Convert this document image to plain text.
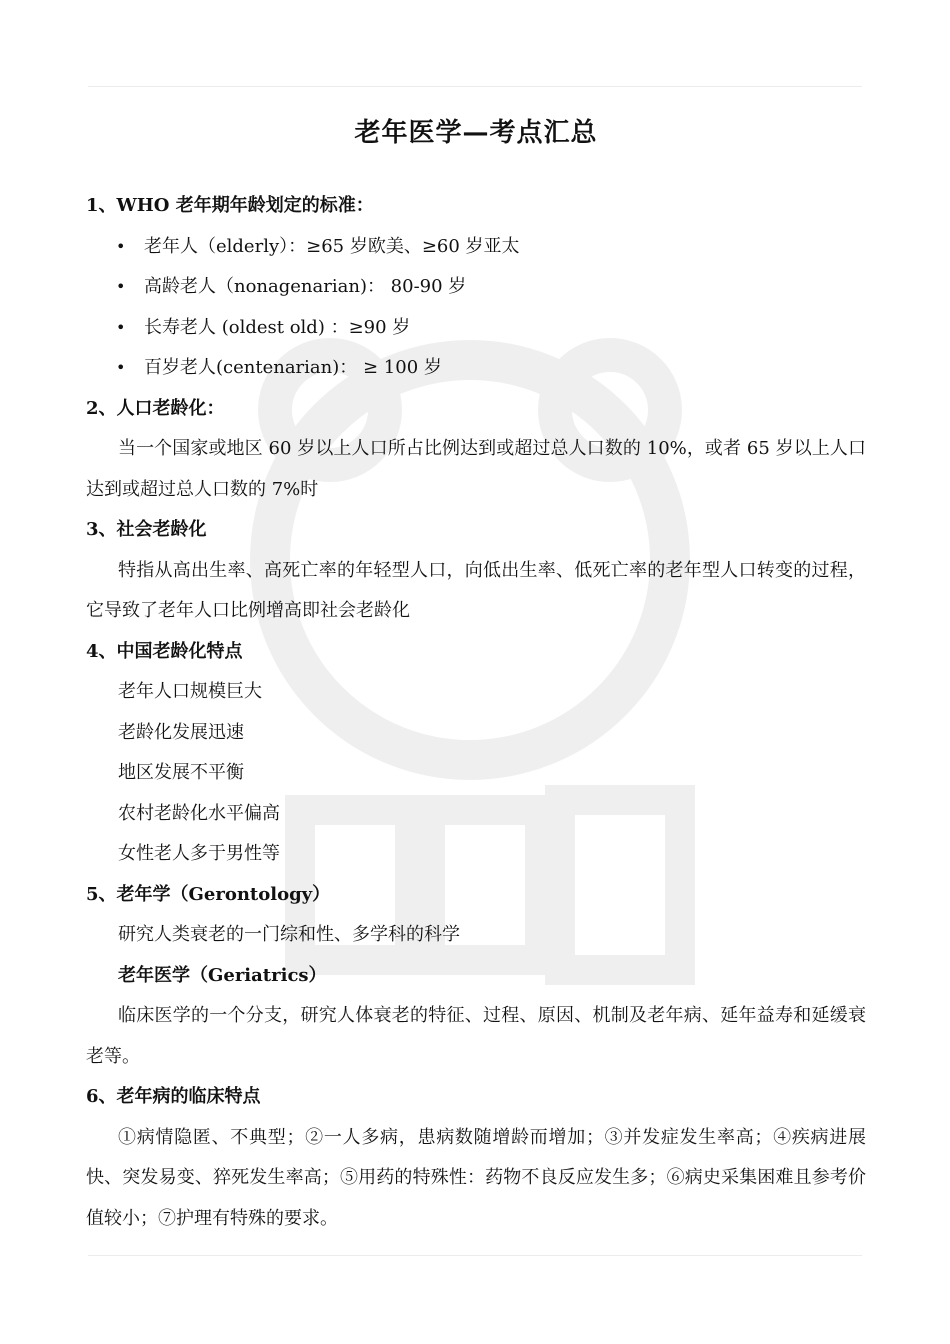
老年医学—考点汇总

1、WHO 老年期年龄划定的标准：

• 老年人（elderly）：≥65 岁欧美、≥60 岁亚太
• 高龄老人（nonagenarian)： 80-90 岁
• 长寿老人 (oldest old) ：≥90 岁
• 百岁老人(centenarian)： ≥ 100 岁

2、人口老龄化：

当一个国家或地区 60 岁以上人口所占比例达到或超过总人口数的 10%，或者 65 岁以上人口达到或超过总人口数的 7%时

3、社会老龄化

特指从高出生率、高死亡率的年轻型人口，向低出生率、低死亡率的老年型人口转变的过程，它导致了老年人口比例增高即社会老龄化

4、中国老龄化特点

老年人口规模巨大

老龄化发展迅速

地区发展不平衡

农村老龄化水平偏高

女性老人多于男性等

5、老年学（Gerontology）

研究人类衰老的一门综和性、多学科的科学

老年医学（Geriatrics）

临床医学的一个分支，研究人体衰老的特征、过程、原因、机制及老年病、延年益寿和延缓衰老等。

6、老年病的临床特点

①病情隐匿、不典型；②一人多病，患病数随增龄而增加；③并发症发生率高；④疾病进展快、突发易变、猝死发生率高；⑤用药的特殊性：药物不良反应发生多；⑥病史采集困难且参考价值较小；⑦护理有特殊的要求。
